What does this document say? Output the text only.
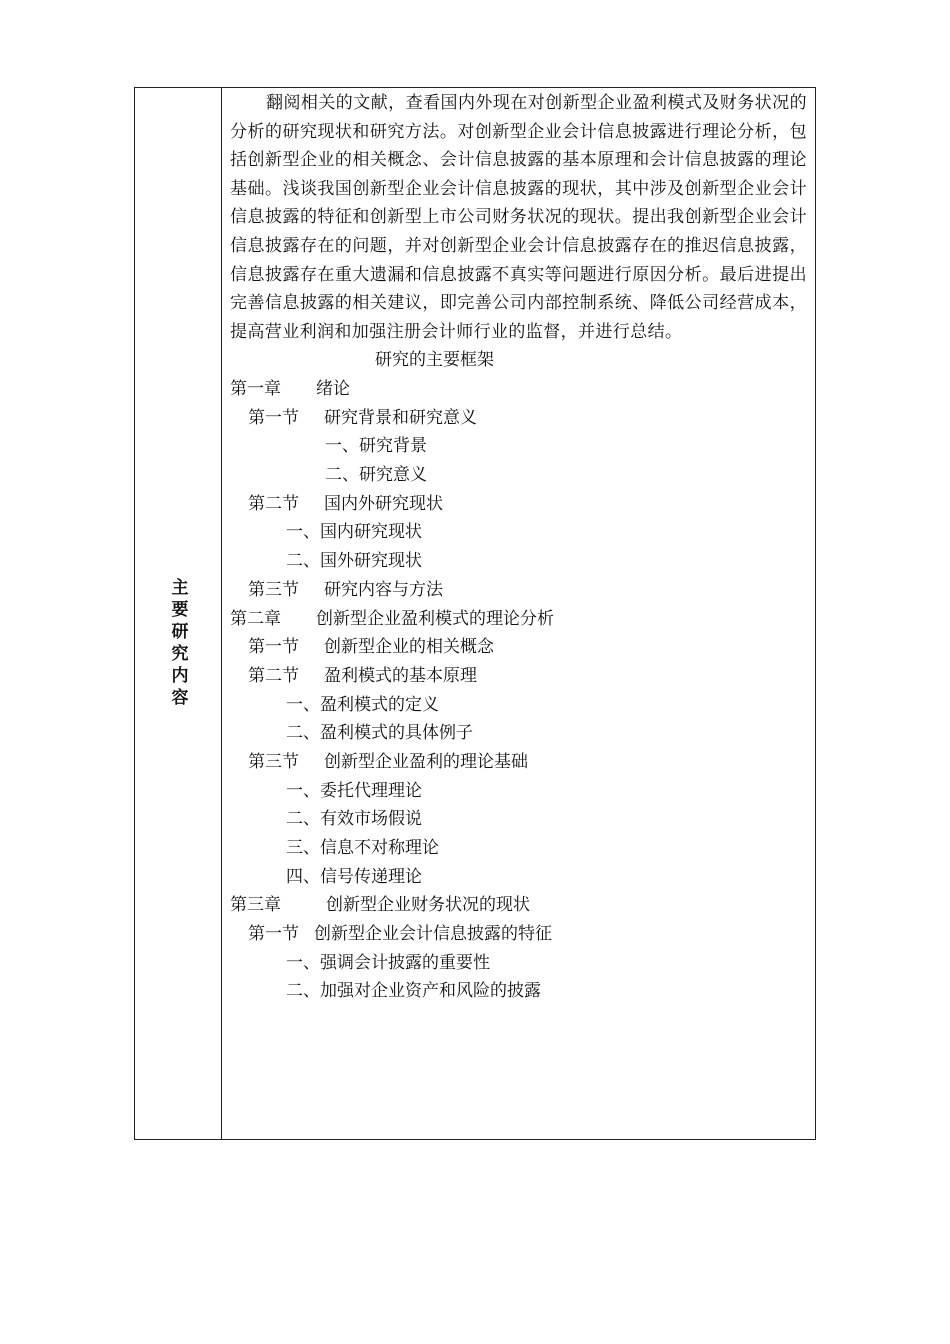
主要研究内容

翻阅相关的文献，查看国内外现在对创新型企业盈利模式及财务状况的分析的研究现状和研究方法。对创新型企业会计信息披露进行理论分析，包括创新型企业的相关概念、会计信息披露的基本原理和会计信息披露的理论基础。浅谈我国创新型企业会计信息披露的现状，其中涉及创新型企业会计信息披露的特征和创新型上市公司财务状况的现状。提出我创新型企业会计信息披露存在的问题，并对创新型企业会计信息披露存在的推迟信息披露，信息披露存在重大遗漏和信息披露不真实等问题进行原因分析。最后进提出完善信息披露的相关建议，即完善公司内部控制系统、降低公司经营成本，提高营业利润和加强注册会计师行业的监督，并进行总结。

研究的主要框架

第一章 绪论
第一节 研究背景和研究意义
一、研究背景
二、研究意义
第二节 国内外研究现状
一、国内研究现状
二、国外研究现状
第三节 研究内容与方法
第二章 创新型企业盈利模式的理论分析
第一节 创新型企业的相关概念
第二节 盈利模式的基本原理
一、盈利模式的定义
二、盈利模式的具体例子
第三节 创新型企业盈利的理论基础
一、委托代理理论
二、有效市场假说
三、信息不对称理论
四、信号传递理论
第三章	创新型企业财务状况的现状
第一节 创新型企业会计信息披露的特征
一、强调会计披露的重要性
二、加强对企业资产和风险的披露
